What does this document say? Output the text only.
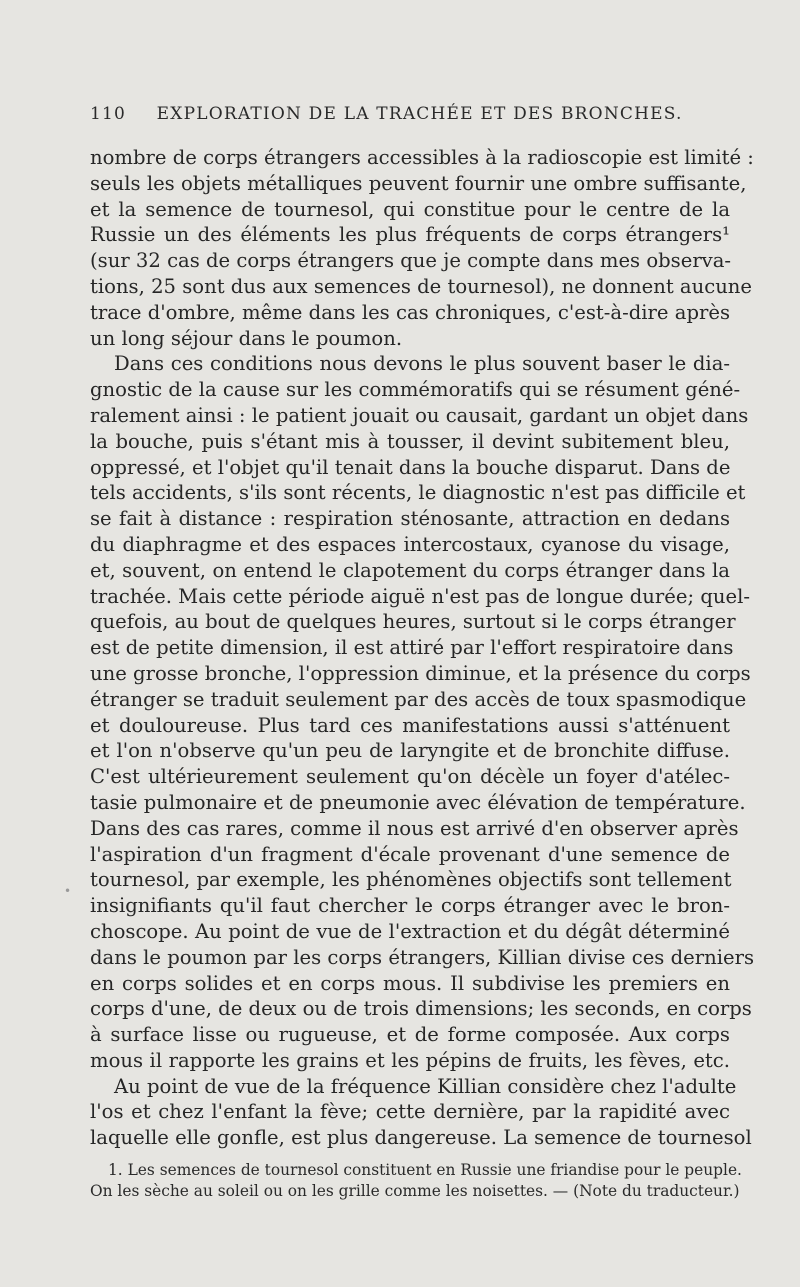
110 EXPLORATION DE LA TRACHÉE ET DES BRONCHES.
nombre de corps étrangers accessibles à la radioscopie est limité :
seuls les objets métalliques peuvent fournir une ombre suffisante,
et la semence de tournesol, qui constitue pour le centre de la
Russie un des éléments les plus fréquents de corps étrangers¹
(sur 32 cas de corps étrangers que je compte dans mes observa-
tions, 25 sont dus aux semences de tournesol), ne donnent aucune
trace d'ombre, même dans les cas chroniques, c'est-à-dire après
un long séjour dans le poumon.
Dans ces conditions nous devons le plus souvent baser le dia-
gnostic de la cause sur les commémoratifs qui se résument géné-
ralement ainsi : le patient jouait ou causait, gardant un objet dans
la bouche, puis s'étant mis à tousser, il devint subitement bleu,
oppressé, et l'objet qu'il tenait dans la bouche disparut. Dans de
tels accidents, s'ils sont récents, le diagnostic n'est pas difficile et
se fait à distance : respiration sténosante, attraction en dedans
du diaphragme et des espaces intercostaux, cyanose du visage,
et, souvent, on entend le clapotement du corps étranger dans la
trachée. Mais cette période aiguë n'est pas de longue durée; quel-
quefois, au bout de quelques heures, surtout si le corps étranger
est de petite dimension, il est attiré par l'effort respiratoire dans
une grosse bronche, l'oppression diminue, et la présence du corps
étranger se traduit seulement par des accès de toux spasmodique
et douloureuse. Plus tard ces manifestations aussi s'atténuent
et l'on n'observe qu'un peu de laryngite et de bronchite diffuse.
C'est ultérieurement seulement qu'on décèle un foyer d'atélec-
tasie pulmonaire et de pneumonie avec élévation de température.
Dans des cas rares, comme il nous est arrivé d'en observer après
l'aspiration d'un fragment d'écale provenant d'une semence de
tournesol, par exemple, les phénomènes objectifs sont tellement
insignifiants qu'il faut chercher le corps étranger avec le bron-
choscope. Au point de vue de l'extraction et du dégât déterminé
dans le poumon par les corps étrangers, Killian divise ces derniers
en corps solides et en corps mous. Il subdivise les premiers en
corps d'une, de deux ou de trois dimensions; les seconds, en corps
à surface lisse ou rugueuse, et de forme composée. Aux corps
mous il rapporte les grains et les pépins de fruits, les fèves, etc.
Au point de vue de la fréquence Killian considère chez l'adulte
l'os et chez l'enfant la fève; cette dernière, par la rapidité avec
laquelle elle gonfle, est plus dangereuse. La semence de tournesol
1. Les semences de tournesol constituent en Russie une friandise pour le peuple.
On les sèche au soleil ou on les grille comme les noisettes. — (Note du traducteur.)
•
